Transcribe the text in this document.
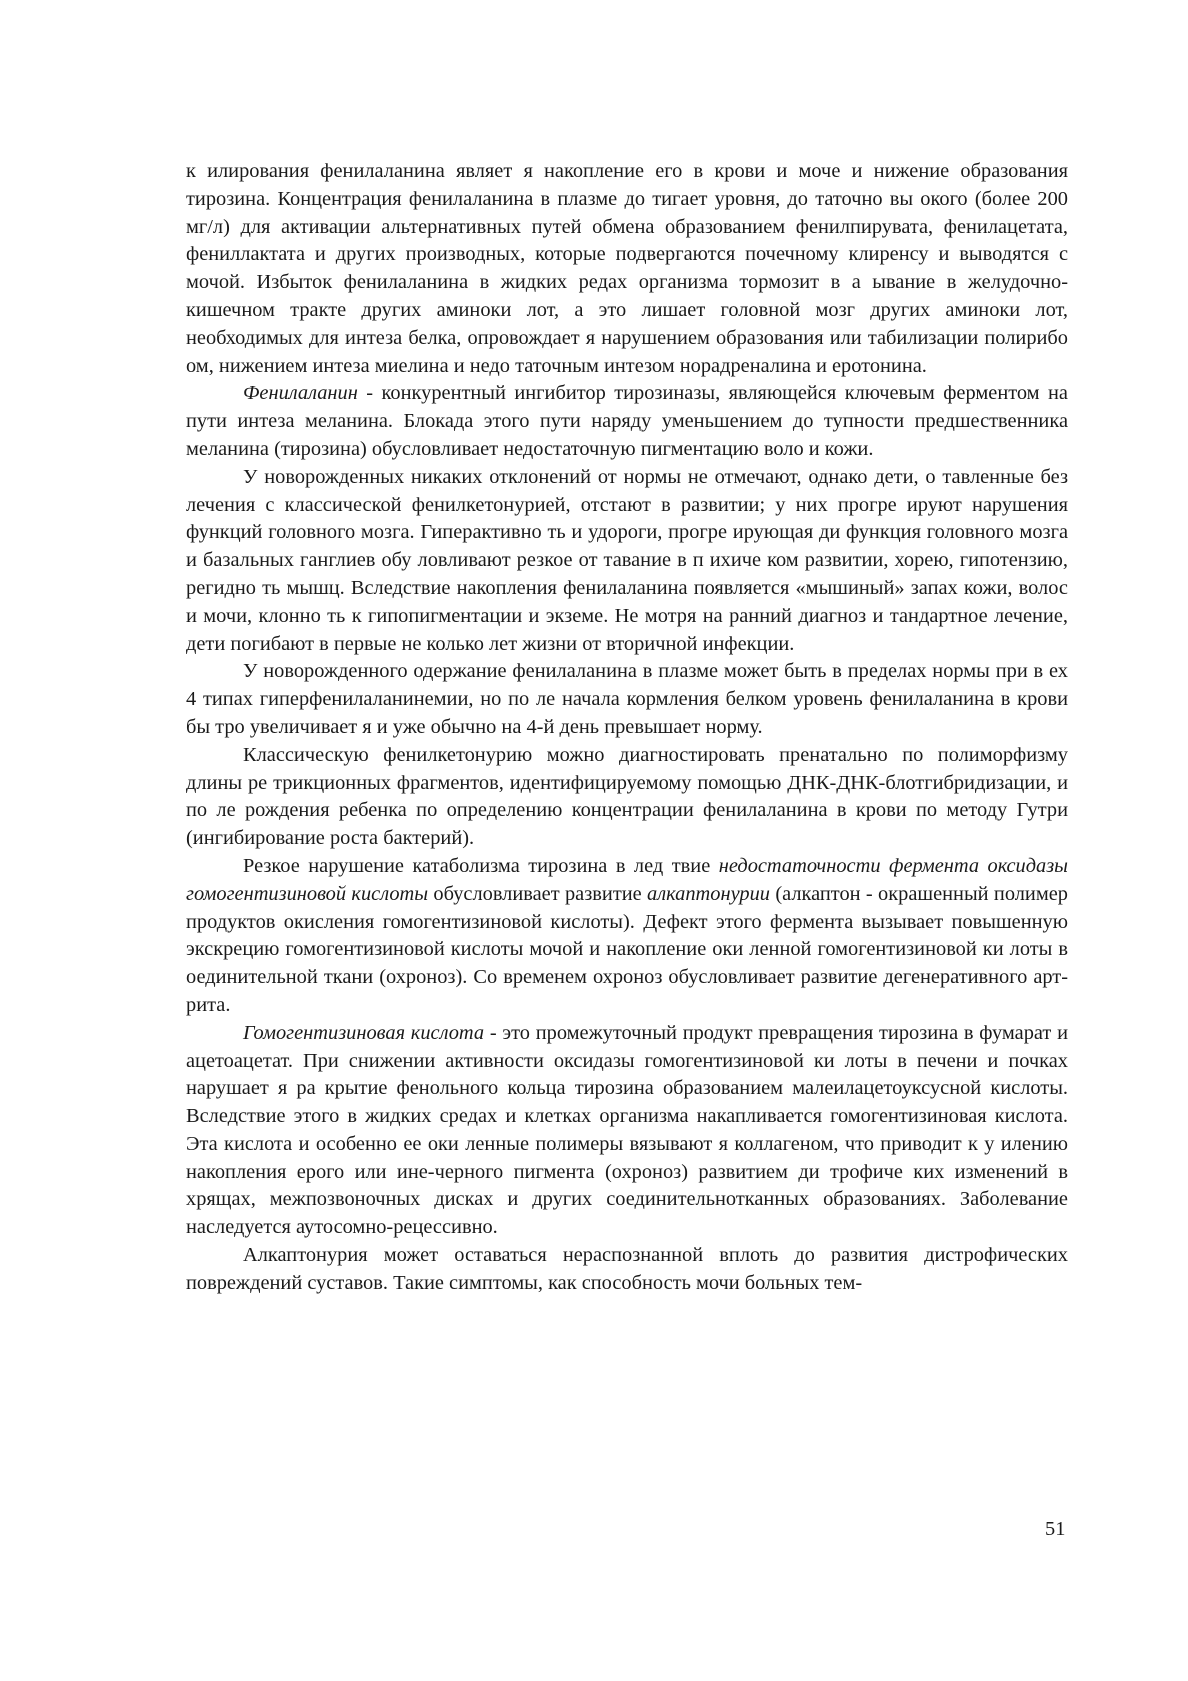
к илирования фенилаланина являет я накопление его в крови и моче и нижение образования тирозина. Концентрация фенилаланина в плазме до тигает уровня, до таточно вы окого (более 200 мг/л) для активации альтернативных путей обмена образованием фенилпирувата, фенилацетата, фениллактата и других производных, которые подвергаются почечному клиренсу и выводятся с мочой. Избыток фенилаланина в жидких редах организма тормозит в а ывание в желудочно-кишечном тракте других аминоки лот, а это лишает головной мозг других аминоки лот, необходимых для интеза белка, опровождает я нарушением образования или табилизации полирибо ом, нижением интеза миелина и недо таточным интезом норадреналина и еротонина.

Фенилаланин - конкурентный ингибитор тирозиназы, являющейся ключевым ферментом на пути интеза меланина. Блокада этого пути наряду уменьшением до тупности предшественника меланина (тирозина) обусловливает недостаточную пигментацию воло и кожи.

У новорожденных никаких отклонений от нормы не отмечают, однако дети, о тавленные без лечения с классической фенилкетонурией, отстают в развитии; у них прогре ируют нарушения функций головного мозга. Гиперактивно ть и удороги, прогре ирующая ди функция головного мозга и базальных ганглиев обу ловливают резкое от тавание в п ихиче ком развитии, хорею, гипотензию, регидно ть мышц. Вследствие накопления фенилаланина появляется «мышиный» запах кожи, волос и мочи, клонно ть к гипопигментации и экземе. Не мотря на ранний диагноз и тандартное лечение, дети погибают в первые не колько лет жизни от вторичной инфекции.

У новорожденного одержание фенилаланина в плазме может быть в пределах нормы при в ех 4 типах гиперфенилаланинемии, но по ле начала кормления белком уровень фенилаланина в крови бы тро увеличивает я и уже обычно на 4-й день превышает норму.

Классическую фенилкетонурию можно диагностировать пренатально по полиморфизму длины ре трикционных фрагментов, идентифицируемому помощью ДНК-ДНК-блотгибридизации, и по ле рождения ребенка по определению концентрации фенилаланина в крови по методу Гутри (ингибирование роста бактерий).

Резкое нарушение катаболизма тирозина в лед твие недостаточности фермента оксидазы гомогентизиновой кислоты обусловливает развитие алкаптонурии (алкаптон - окрашенный полимер продуктов окисления гомогентизиновой кислоты). Дефект этого фермента вызывает повышенную экскрецию гомогентизиновой кислоты мочой и накопление оки ленной гомогентизиновой ки лоты в оединительной ткани (охроноз). Со временем охроноз обусловливает развитие дегенеративного артрита.

Гомогентизиновая кислота - это промежуточный продукт превращения тирозина в фумарат и ацетоацетат. При снижении активности оксидазы гомогентизиновой ки лоты в печени и почках нарушает я ра крытие фенольного кольца тирозина образованием малеилацетоуксусной кислоты. Вследствие этого в жидких средах и клетках организма накапливается гомогентизиновая кислота. Эта кислота и особенно ее оки ленные полимеры вязывают я коллагеном, что приводит к у илению накопления ерого или ине-черного пигмента (охроноз) развитием ди трофиче ких изменений в хрящах, межпозвоночных дисках и других соединительнотканных образованиях. Заболевание наследуется аутосомно-рецессивно.

Алкаптонурия может оставаться нераспознанной вплоть до развития дистрофических повреждений суставов. Такие симптомы, как способность мочи больных тем-

51
